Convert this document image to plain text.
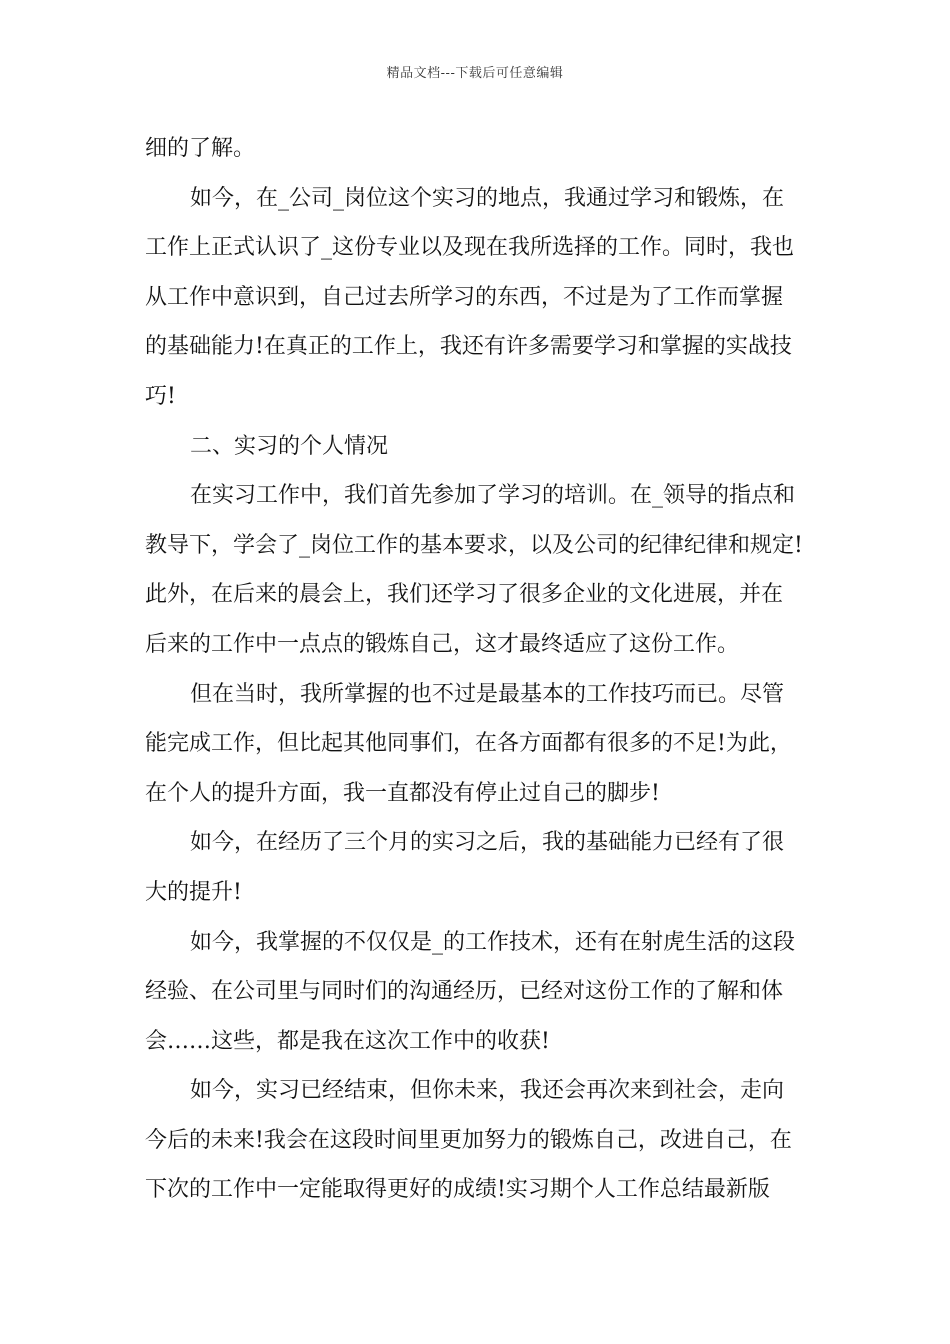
精品文档---下载后可任意编辑
细的了解。
如今，在_公司_岗位这个实习的地点，我通过学习和锻炼，在
工作上正式认识了_这份专业以及现在我所选择的工作。同时，我也
从工作中意识到，自己过去所学习的东西，不过是为了工作而掌握
的基础能力!在真正的工作上，我还有许多需要学习和掌握的实战技
巧!
二、实习的个人情况
在实习工作中，我们首先参加了学习的培训。在_领导的指点和
教导下，学会了_岗位工作的基本要求，以及公司的纪律纪律和规定!
此外，在后来的晨会上，我们还学习了很多企业的文化进展，并在
后来的工作中一点点的锻炼自己，这才最终适应了这份工作。
但在当时，我所掌握的也不过是最基本的工作技巧而已。尽管
能完成工作，但比起其他同事们，在各方面都有很多的不足!为此，
在个人的提升方面，我一直都没有停止过自己的脚步!
如今，在经历了三个月的实习之后，我的基础能力已经有了很
大的提升!
如今，我掌握的不仅仅是_的工作技术，还有在射虎生活的这段
经验、在公司里与同时们的沟通经历，已经对这份工作的了解和体
会……这些，都是我在这次工作中的收获!
如今，实习已经结束，但你未来，我还会再次来到社会，走向
今后的未来!我会在这段时间里更加努力的锻炼自己，改进自己，在
下次的工作中一定能取得更好的成绩!实习期个人工作总结最新版
